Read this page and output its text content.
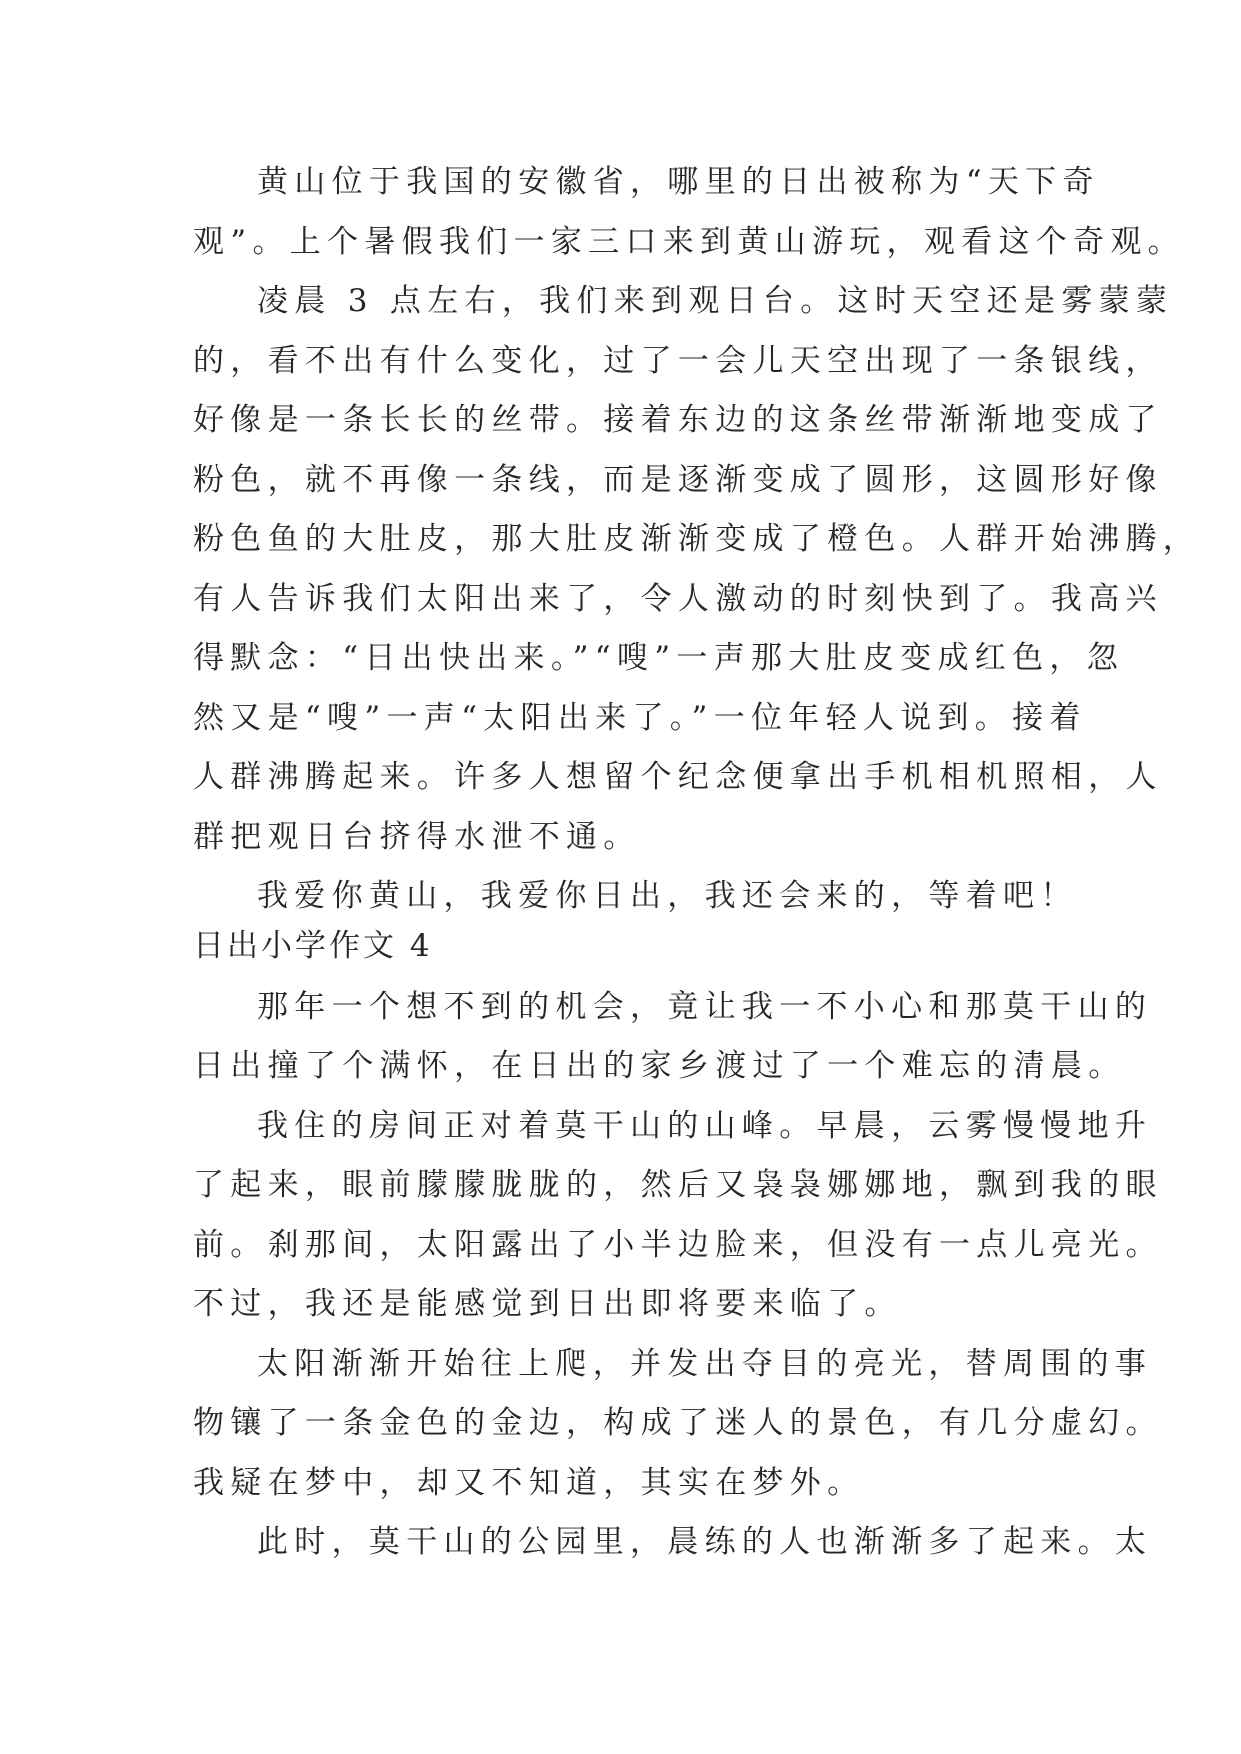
黄山位于我国的安徽省，哪里的日出被称为“天下奇

观”。上个暑假我们一家三口来到黄山游玩，观看这个奇观。

凌晨 3 点左右，我们来到观日台。这时天空还是雾蒙蒙

的，看不出有什么变化，过了一会儿天空出现了一条银线，

好像是一条长长的丝带。接着东边的这条丝带渐渐地变成了

粉色，就不再像一条线，而是逐渐变成了圆形，这圆形好像

粉色鱼的大肚皮，那大肚皮渐渐变成了橙色。人群开始沸腾，

有人告诉我们太阳出来了，令人激动的时刻快到了。我高兴

得默念：“日出快出来。”“嗖”一声那大肚皮变成红色，忽

然又是“嗖”一声“太阳出来了。”一位年轻人说到。接着

人群沸腾起来。许多人想留个纪念便拿出手机相机照相，人

群把观日台挤得水泄不通。

我爱你黄山，我爱你日出，我还会来的，等着吧！

日出小学作文 4

那年一个想不到的机会，竟让我一不小心和那莫干山的

日出撞了个满怀，在日出的家乡渡过了一个难忘的清晨。

我住的房间正对着莫干山的山峰。早晨，云雾慢慢地升

了起来，眼前朦朦胧胧的，然后又袅袅娜娜地，飘到我的眼

前。刹那间，太阳露出了小半边脸来，但没有一点儿亮光。

不过，我还是能感觉到日出即将要来临了。

太阳渐渐开始往上爬，并发出夺目的亮光，替周围的事

物镶了一条金色的金边，构成了迷人的景色，有几分虚幻。

我疑在梦中，却又不知道，其实在梦外。

此时，莫干山的公园里，晨练的人也渐渐多了起来。太
